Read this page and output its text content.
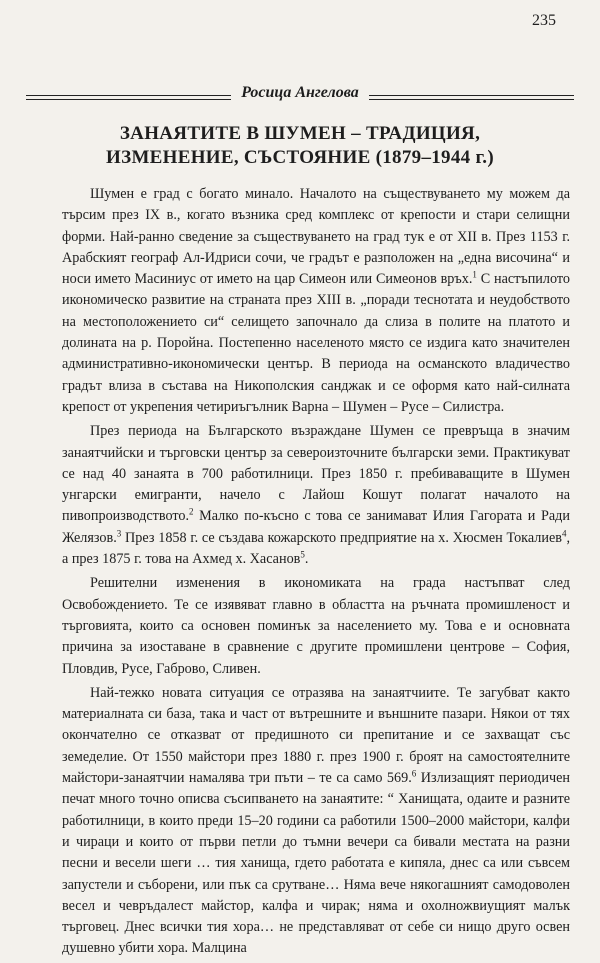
235
Росица Ангелова
ЗАНАЯТИТЕ В ШУМЕН – ТРАДИЦИЯ,
ИЗМЕНЕНИЕ, СЪСТОЯНИЕ (1879–1944 г.)

Шумен е град с богато минало. Началото на съществуването му можем да търсим през IX в., когато възника сред комплекс от крепости и стари селищни форми. Най-ранно сведение за съществуването на град тук е от XII в. През 1153 г. Арабският географ Ал-Идриси сочи, че градът е разположен на „една височина“ и носи името Масиниус от името на цар Симеон или Симеонов връх.$^1$ С настъпилото икономическо развитие на страната през XIII в. „поради теснотата и неудобството на местоположението си“ селището започнало да слиза в полите на платото и долината на р. Поройна. Постепенно населеното място се издига като значителен административно-икономически център. В периода на османското владичество градът влиза в състава на Никополския санджак и се оформя като най-силната крепост от укрепения четириъгълник Варна – Шумен – Русе – Силистра.

През периода на Българското възраждане Шумен се превръща в значим занаятчийски и търговски център за североизточните български земи. Практикуват се над 40 занаята в 700 работилници. През 1850 г. пребиваващите в Шумен унгарски емигранти, начело с Лайош Кошут полагат началото на пивопроизводството.$^2$ Малко по-късно с това се занимават Илия Гагората и Ради Желязов.$^3$ През 1858 г. се създава кожарското предприятие на х. Хюсмен Токалиев$^4$, а през 1875 г. това на Ахмед х. Хасанов$^5$.

Решителни изменения в икономиката на града настъпват след Освобождението. Те се изявяват главно в областта на ръчната промишленост и търговията, които са основен поминък за населението му. Това е и основната причина за изоставане в сравнение с другите промишлени центрове – София, Пловдив, Русе, Габрово, Сливен.

Най-тежко новата ситуация се отразява на занаятчиите. Те загубват както материалната си база, така и част от вътрешните и външните пазари. Някои от тях окончателно се отказват от предишното си препитание и се захващат със земеделие. От 1550 майстори през 1880 г. през 1900 г. броят на самостоятелните майстори-занаятчии намалява три пъти – те са само 569.$^6$ Излизащият периодичен печат много точно описва съсипването на занаятите: “ Ханищата, одаите и разните работилници, в които преди 15–20 години са работили 1500–2000 майстори, калфи и чираци и които от първи петли до тъмни вечери са бивали местата на разни песни и весели шеги … тия ханища, гдето работата е кипяла, днес са или съвсем запустели и съборени, или пък са срутване… Няма вече някогашният самодоволен весел и чевръдалест майстор, калфа и чирак; няма и охолножвиущият малък търговец. Днес всички тия хора… не представляват от себе си нищо друго освен душевно убити хора. Малцина
